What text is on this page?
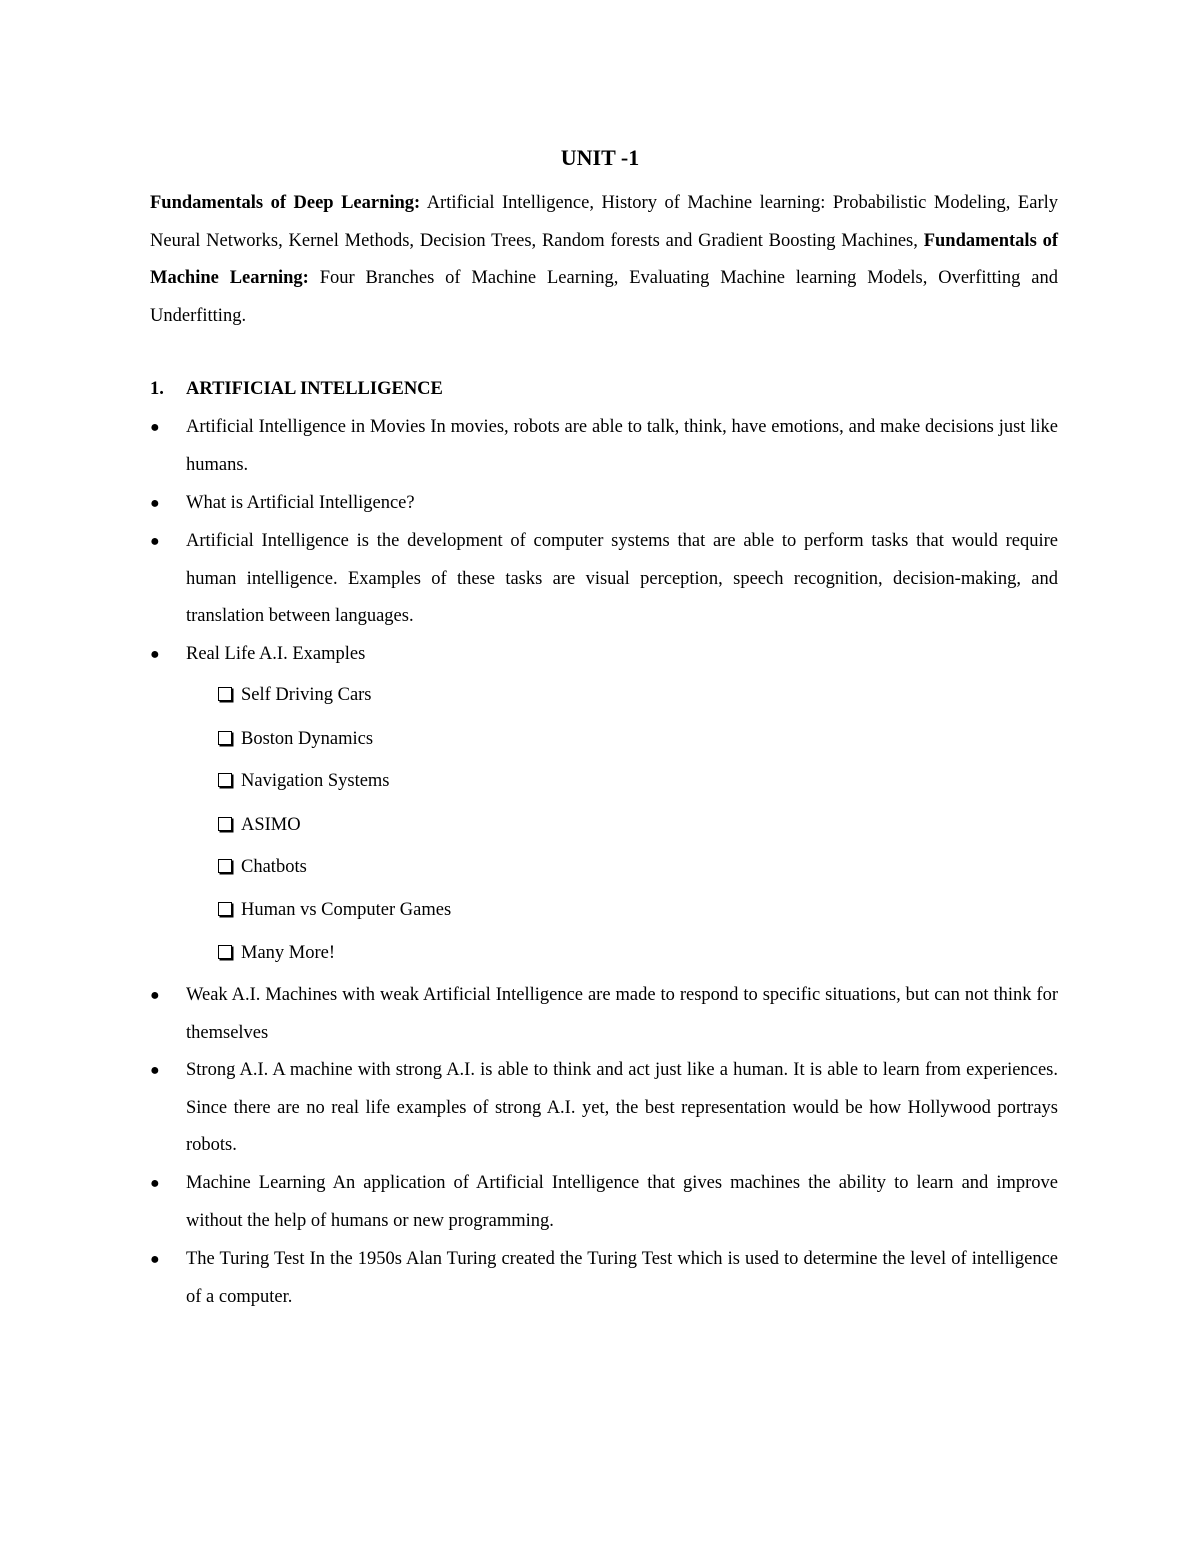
UNIT -1
Fundamentals of Deep Learning: Artificial Intelligence, History of Machine learning: Probabilistic Modeling, Early Neural Networks, Kernel Methods, Decision Trees, Random forests and Gradient Boosting Machines, Fundamentals of Machine Learning: Four Branches of Machine Learning, Evaluating Machine learning Models, Overfitting and Underfitting.
1. ARTIFICIAL INTELLIGENCE
●	Artificial Intelligence in Movies In movies, robots are able to talk, think, have emotions, and make decisions just like humans.
●	What is Artificial Intelligence?
●	Artificial Intelligence is the development of computer systems that are able to perform tasks that would require human intelligence. Examples of these tasks are visual perception, speech recognition, decision-making, and translation between languages.
●	Real Life A.I. Examples
Self Driving Cars
Boston Dynamics
Navigation Systems
ASIMO
Chatbots
Human vs Computer Games
Many More!
●	Weak A.I. Machines with weak Artificial Intelligence are made to respond to specific situations, but can not think for themselves
●	Strong A.I. A machine with strong A.I. is able to think and act just like a human. It is able to learn from experiences. Since there are no real life examples of strong A.I. yet, the best representation would be how Hollywood portrays robots.
●	Machine Learning An application of Artificial Intelligence that gives machines the ability to learn and improve without the help of humans or new programming.
●	The Turing Test In the 1950s Alan Turing created the Turing Test which is used to determine the level of intelligence of a computer.
